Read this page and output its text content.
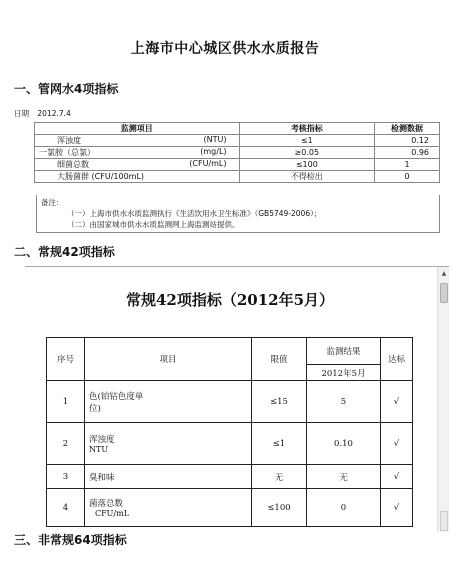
上海市中心城区供水水质报告
一、管网水4项指标
日期 2012.7.4
监测项目	考核指标	检测数据
浑浊度 (NTU)	≤1	0.12
一氯胺（总氯） (mg/L)	≥0.05	0.96
细菌总数 (CFU/mL)	≤100	1
大肠菌群 (CFU/100mL)	不得检出	0
备注：
（一）上海市供水水质监测执行《生活饮用水卫生标准》（GB5749-2006）；
（二）由国家城市供水水质监测网上海监测站提供。
二、常规42项指标
常规42项指标（2012年5月）
序号	项目	限值	监测结果	达标
			2012年5月	
1	色(铂钴色度单
位)	≤15	5	√
2	浑浊度
NTU	≤1	0.10	√
3	臭和味	无	无	√
4	菌落总数
CFU/mL	≤100	0	√
▲
三、非常规64项指标
